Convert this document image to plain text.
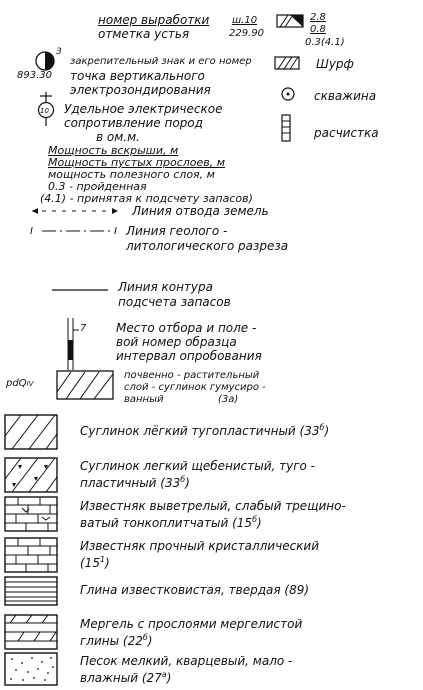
номер выработки
отметка устья
ш.10
229.90
2.8
0.8
0.3(4.1)
3
закрепительный знак и его номер
893.30 точка вертикального
электрозондирования
Шурф
скважина
расчистка
10 Удельное электрическое
сопротивление пород
в ом.м.
Мощность вскрыши, м
Мощность пустых прослоев, м
мощность полезного слоя, м
0.3 - пройденная
(4.1) - принятая к подсчету запасов)
Линия отвода земель
I	I Линия геолого -
литологического разреза
Линия контура
подсчета запасов
7 Место отбора и поле -
вой номер образца
интервал опробования
pdQIV
почвенно - растительный
слой - суглинок гумусиро -
ванный	(3а)
Суглинок лёгкий тугопластичный $(33^б)$
Суглинок легкий щебенистый, туго -
пластичный $(33^б)$
Известняк выветрелый, слабый трещино-
ватый тонкоплитчатый $(15^б)$
Известняк прочный кристаллический
$(15^1)$
Глина известковистая, твердая (89)
Мергель с прослоями мергелистой
глины $(22^б)$
Песок мелкий, кварцевый, мало -
влажный $(27^а)$
